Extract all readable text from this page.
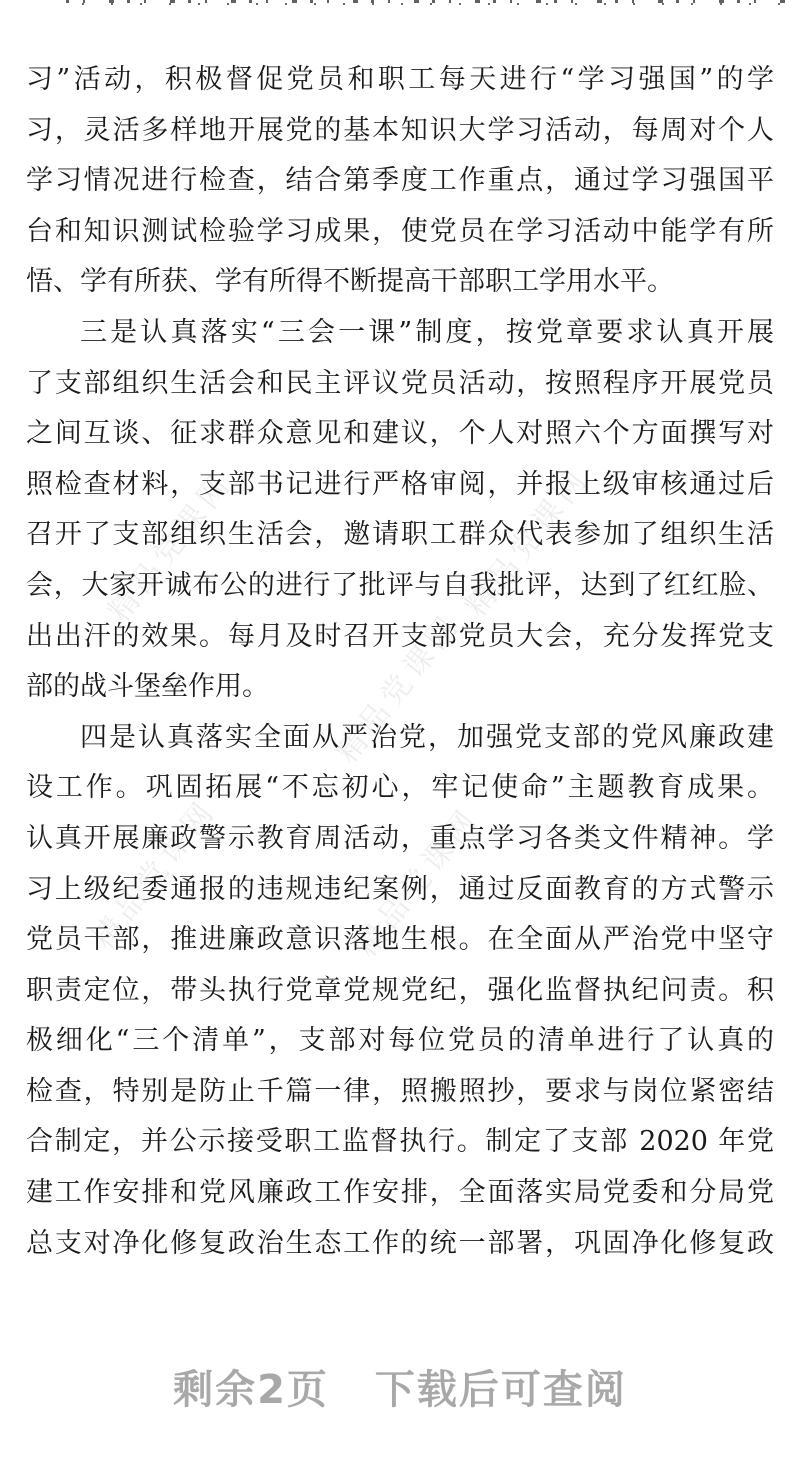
精品党课网	精品党课网
精品党课网
精品党课网	精品党课网
习”活动，积极督促党员和职工每天进行“学习强国”的学
习，灵活多样地开展党的基本知识大学习活动，每周对个人
学习情况进行检查，结合第季度工作重点，通过学习强国平
台和知识测试检验学习成果，使党员在学习活动中能学有所
悟、学有所获、学有所得不断提高干部职工学用水平。
三是认真落实“三会一课”制度，按党章要求认真开展
了支部组织生活会和民主评议党员活动，按照程序开展党员
之间互谈、征求群众意见和建议，个人对照六个方面撰写对
照检查材料，支部书记进行严格审阅，并报上级审核通过后
召开了支部组织生活会，邀请职工群众代表参加了组织生活
会，大家开诚布公的进行了批评与自我批评，达到了红红脸、
出出汗的效果。每月及时召开支部党员大会，充分发挥党支
部的战斗堡垒作用。
四是认真落实全面从严治党，加强党支部的党风廉政建
设工作。巩固拓展“不忘初心，牢记使命”主题教育成果。
认真开展廉政警示教育周活动，重点学习各类文件精神。学
习上级纪委通报的违规违纪案例，通过反面教育的方式警示
党员干部，推进廉政意识落地生根。在全面从严治党中坚守
职责定位，带头执行党章党规党纪，强化监督执纪问责。积
极细化“三个清单”，支部对每位党员的清单进行了认真的
检查，特别是防止千篇一律，照搬照抄，要求与岗位紧密结
合制定，并公示接受职工监督执行。制定了支部 2020 年党
建工作安排和党风廉政工作安排，全面落实局党委和分局党
总支对净化修复政治生态工作的统一部署，巩固净化修复政
剩余2页 下载后可查阅
